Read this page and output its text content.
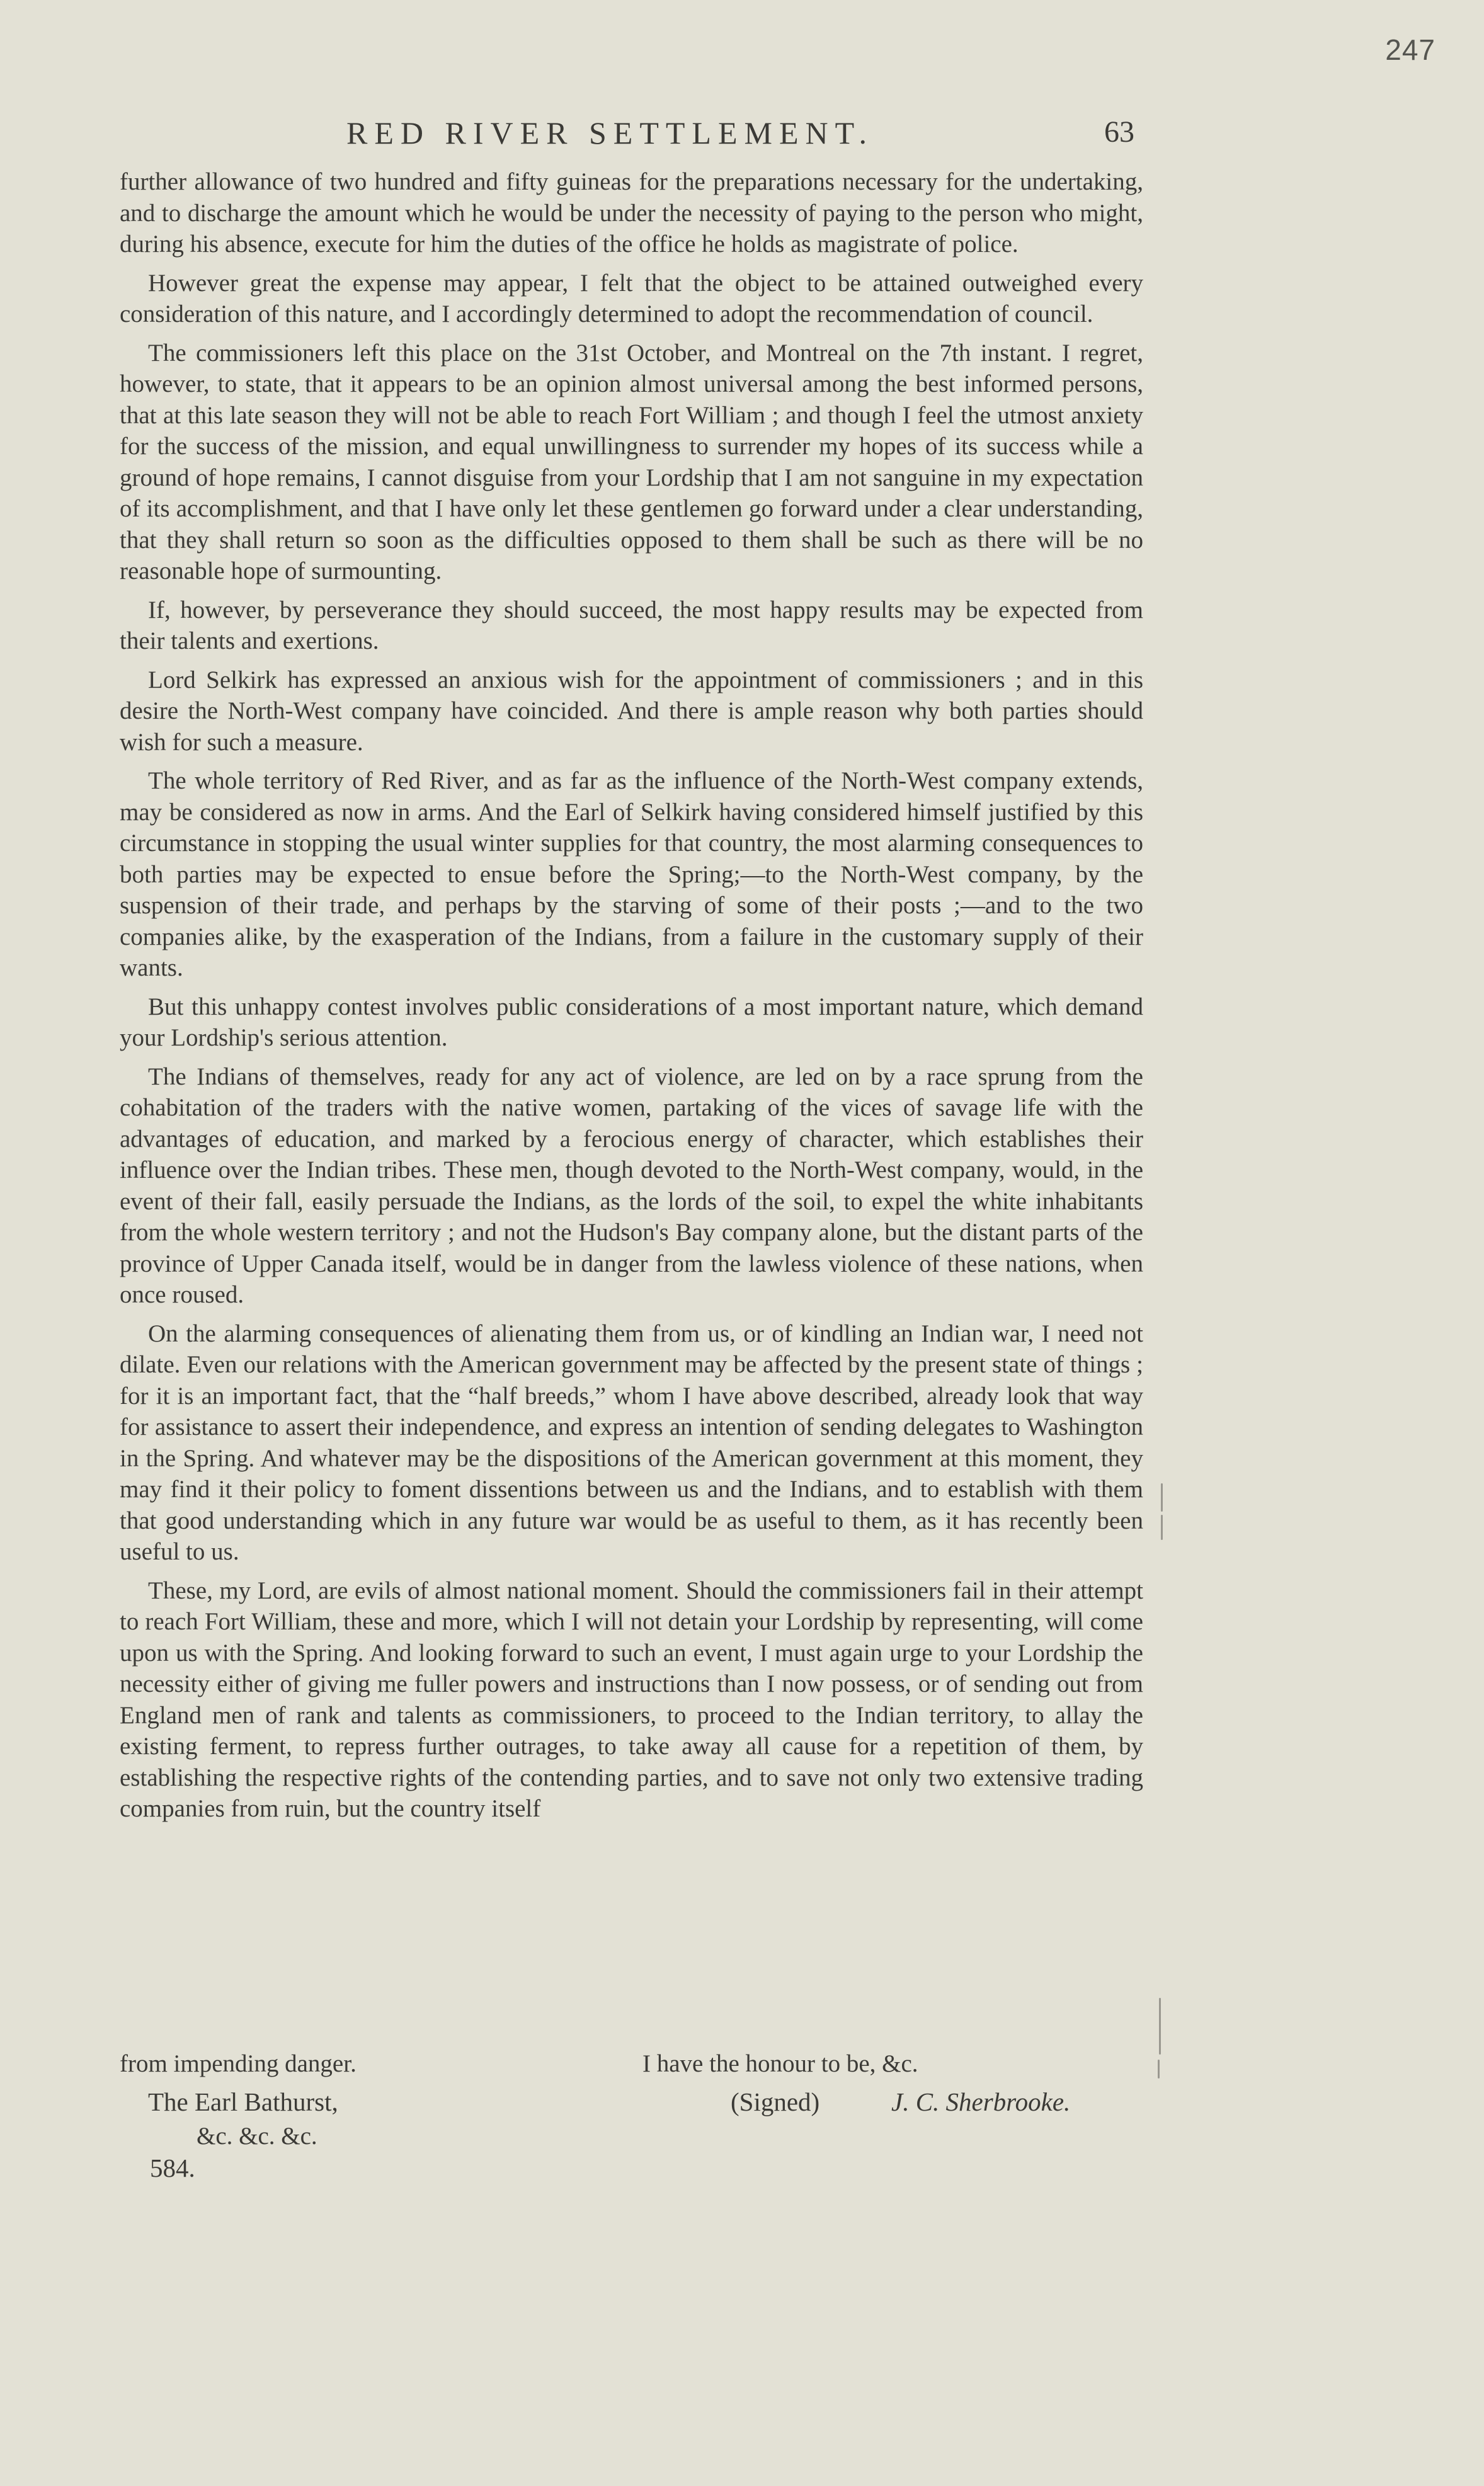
247
RED RIVER SETTLEMENT.	63

further allowance of two hundred and fifty guineas for the preparations necessary for the undertaking, and to discharge the amount which he would be under the necessity of paying to the person who might, during his absence, execute for him the duties of the office he holds as magistrate of police.

However great the expense may appear, I felt that the object to be attained outweighed every consideration of this nature, and I accordingly determined to adopt the recommendation of council.

The commissioners left this place on the 31st October, and Montreal on the 7th instant. I regret, however, to state, that it appears to be an opinion almost universal among the best informed persons, that at this late season they will not be able to reach Fort William ; and though I feel the utmost anxiety for the success of the mission, and equal unwillingness to surrender my hopes of its success while a ground of hope remains, I cannot disguise from your Lordship that I am not sanguine in my expectation of its accomplishment, and that I have only let these gentlemen go forward under a clear understanding, that they shall return so soon as the difficulties opposed to them shall be such as there will be no reasonable hope of surmounting.

If, however, by perseverance they should succeed, the most happy results may be expected from their talents and exertions.

Lord Selkirk has expressed an anxious wish for the appointment of commissioners ; and in this desire the North-West company have coincided. And there is ample reason why both parties should wish for such a measure.

The whole territory of Red River, and as far as the influence of the North-West company extends, may be considered as now in arms. And the Earl of Selkirk having considered himself justified by this circumstance in stopping the usual winter supplies for that country, the most alarming consequences to both parties may be expected to ensue before the Spring;—to the North-West company, by the suspension of their trade, and perhaps by the starving of some of their posts ;—and to the two companies alike, by the exasperation of the Indians, from a failure in the customary supply of their wants.

But this unhappy contest involves public considerations of a most important nature, which demand your Lordship's serious attention.

The Indians of themselves, ready for any act of violence, are led on by a race sprung from the cohabitation of the traders with the native women, partaking of the vices of savage life with the advantages of education, and marked by a ferocious energy of character, which establishes their influence over the Indian tribes. These men, though devoted to the North-West company, would, in the event of their fall, easily persuade the Indians, as the lords of the soil, to expel the white inhabitants from the whole western territory ; and not the Hudson's Bay company alone, but the distant parts of the province of Upper Canada itself, would be in danger from the lawless violence of these nations, when once roused.

On the alarming consequences of alienating them from us, or of kindling an Indian war, I need not dilate. Even our relations with the American government may be affected by the present state of things ; for it is an important fact, that the “half breeds,” whom I have above described, already look that way for assistance to assert their independence, and express an intention of sending delegates to Washington in the Spring. And whatever may be the dispositions of the American government at this moment, they may find it their policy to foment dissentions between us and the Indians, and to establish with them that good understanding which in any future war would be as useful to them, as it has recently been useful to us.

These, my Lord, are evils of almost national moment. Should the commissioners fail in their attempt to reach Fort William, these and more, which I will not detain your Lordship by representing, will come upon us with the Spring. And looking forward to such an event, I must again urge to your Lordship the necessity either of giving me fuller powers and instructions than I now possess, or of sending out from England men of rank and talents as commissioners, to proceed to the Indian territory, to allay the existing ferment, to repress further outrages, to take away all cause for a repetition of them, by establishing the respective rights of the contending parties, and to save not only two extensive trading companies from ruin, but the country itself

from impending danger.	I have the honour to be, &c.
The Earl Bathurst,	(Signed)	J. C. Sherbrooke.
&c. &c. &c.
584.
